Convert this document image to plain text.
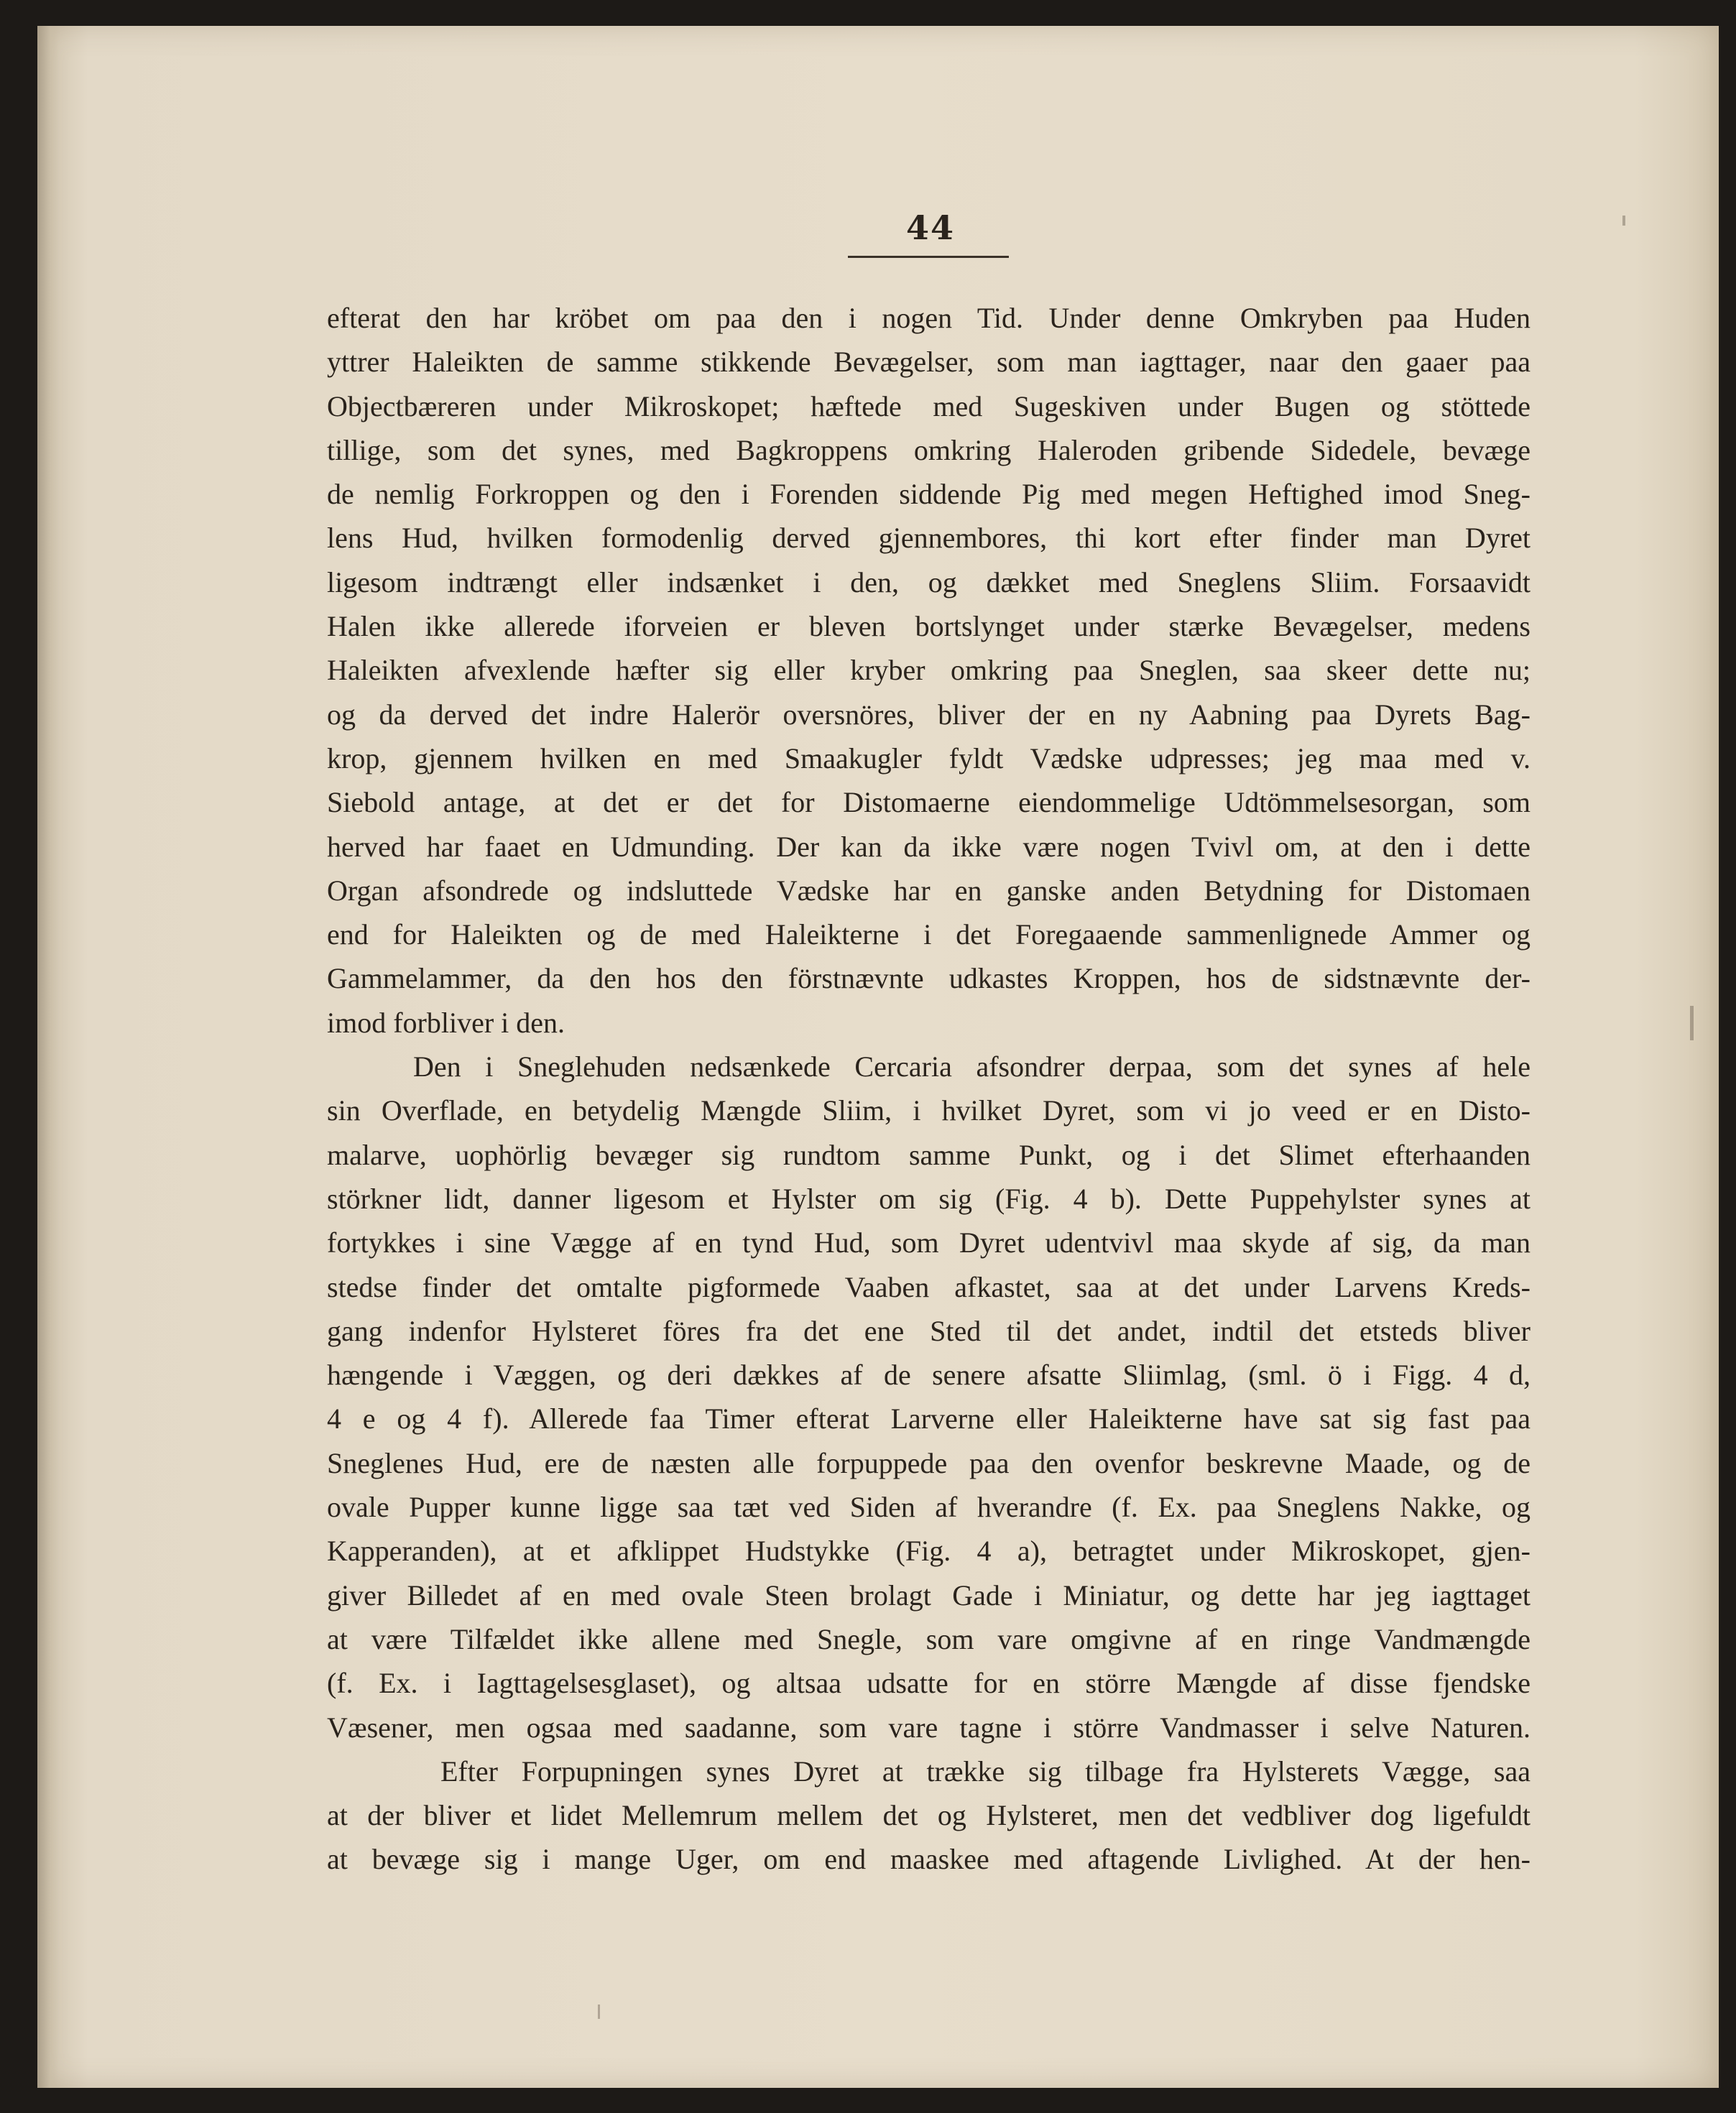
44
efterat den har kröbet om paa den i nogen Tid. Under denne Omkryben paa Huden
yttrer Haleikten de samme stikkende Bevægelser, som man iagttager, naar den gaaer paa
Objectbæreren under Mikroskopet; hæftede med Sugeskiven under Bugen og stöttede
tillige, som det synes, med Bagkroppens omkring Haleroden gribende Sidedele, bevæge
de nemlig Forkroppen og den i Forenden siddende Pig med megen Heftighed imod Sneg-
lens Hud, hvilken formodenlig derved gjennembores, thi kort efter finder man Dyret
ligesom indtrængt eller indsænket i den, og dækket med Sneglens Sliim. Forsaavidt
Halen ikke allerede iforveien er bleven bortslynget under stærke Bevægelser, medens
Haleikten afvexlende hæfter sig eller kryber omkring paa Sneglen, saa skeer dette nu;
og da derved det indre Halerör oversnöres, bliver der en ny Aabning paa Dyrets Bag-
krop, gjennem hvilken en med Smaakugler fyldt Vædske udpresses; jeg maa med v.
Siebold antage, at det er det for Distomaerne eiendommelige Udtömmelsesorgan, som
herved har faaet en Udmunding. Der kan da ikke være nogen Tvivl om, at den i dette
Organ afsondrede og indsluttede Vædske har en ganske anden Betydning for Distomaen
end for Haleikten og de med Haleikterne i det Foregaaende sammenlignede Ammer og
Gammelammer, da den hos den förstnævnte udkastes Kroppen, hos de sidstnævnte der-
imod forbliver i den.
Den i Sneglehuden nedsænkede Cercaria afsondrer derpaa, som det synes af hele
sin Overflade, en betydelig Mængde Sliim, i hvilket Dyret, som vi jo veed er en Disto-
malarve, uophörlig bevæger sig rundtom samme Punkt, og i det Slimet efterhaanden
störkner lidt, danner ligesom et Hylster om sig (Fig. 4 b). Dette Puppehylster synes at
fortykkes i sine Vægge af en tynd Hud, som Dyret udentvivl maa skyde af sig, da man
stedse finder det omtalte pigformede Vaaben afkastet, saa at det under Larvens Kreds-
gang indenfor Hylsteret föres fra det ene Sted til det andet, indtil det etsteds bliver
hængende i Væggen, og deri dækkes af de senere afsatte Sliimlag, (sml. ö i Figg. 4 d,
4 e og 4 f). Allerede faa Timer efterat Larverne eller Haleikterne have sat sig fast paa
Sneglenes Hud, ere de næsten alle forpuppede paa den ovenfor beskrevne Maade, og de
ovale Pupper kunne ligge saa tæt ved Siden af hverandre (f. Ex. paa Sneglens Nakke, og
Kapperanden), at et afklippet Hudstykke (Fig. 4 a), betragtet under Mikroskopet, gjen-
giver Billedet af en med ovale Steen brolagt Gade i Miniatur, og dette har jeg iagttaget
at være Tilfældet ikke allene med Snegle, som vare omgivne af en ringe Vandmængde
(f. Ex. i Iagttagelsesglaset), og altsaa udsatte for en större Mængde af disse fjendske
Væsener, men ogsaa med saadanne, som vare tagne i större Vandmasser i selve Naturen.
Efter Forpupningen synes Dyret at trække sig tilbage fra Hylsterets Vægge, saa
at der bliver et lidet Mellemrum mellem det og Hylsteret, men det vedbliver dog ligefuldt
at bevæge sig i mange Uger, om end maaskee med aftagende Livlighed. At der hen-
